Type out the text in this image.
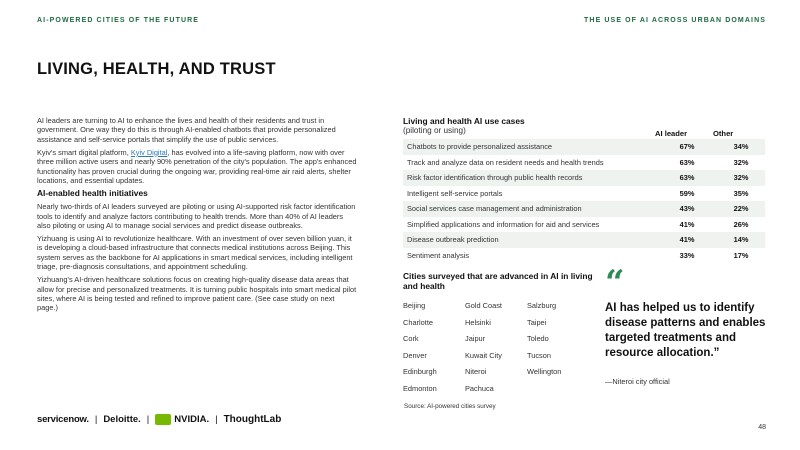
AI-POWERED CITIES OF THE FUTURE	THE USE OF AI ACROSS URBAN DOMAINS
LIVING, HEALTH, AND TRUST

AI leaders are turning to AI to enhance the lives and health of their residents and trust in government. One way they do this is through AI-enabled chatbots that provide personalized assistance and self-service portals that simplify the use of public services.

Kyiv's smart digital platform, Kyiv Digital, has evolved into a life-saving platform, now with over three million active users and nearly 90% penetration of the city's population. The app's enhanced functionality has proven crucial during the ongoing war, providing real-time air raid alerts, shelter locations, and essential updates.

AI-enabled health initiatives

Nearly two-thirds of AI leaders surveyed are piloting or using AI-supported risk factor identification tools to identify and analyze factors contributing to health trends. More than 40% of AI leaders also piloting or using AI to manage social services and predict disease outbreaks.

Yizhuang is using AI to revolutionize healthcare. With an investment of over seven billion yuan, it is developing a cloud-based infrastructure that connects medical institutions across Beijing. This system serves as the backbone for AI applications in smart medical services, including intelligent triage, pre-diagnosis consultations, and appointment scheduling.

Yizhuang's AI-driven healthcare solutions focus on creating high-quality disease data areas that allow for precise and personalized treatments. It is turning public hospitals into smart medical pilot sites, where AI is being tested and refined to improve patient care. (See case study on next page.)

Living and health AI use cases
(piloting or using)	AI leader	Other
Chatbots to provide personalized assistance	67%	34%
Track and analyze data on resident needs and health trends	63%	32%
Risk factor identification through public health records	63%	32%
Intelligent self-service portals	59%	35%
Social services case management and administration	43%	22%
Simplified applications and information for aid and services	41%	26%
Disease outbreak prediction	41%	14%
Sentiment analysis	33%	17%
Cities surveyed that are advanced in AI in living and health
Beijing	Gold Coast	Salzburg
Charlotte	Helsinki	Taipei
Cork	Jaipur	Toledo
Denver	Kuwait City	Tucson
Edinburgh	Niteroi	Wellington
Edmonton	Pachuca
Source: AI-powered cities survey
“
AI has helped us to identify disease patterns and enables targeted treatments and resource allocation.”
—Niteroi city official
servicenow. | Deloitte. |	NVIDIA. | ThoughtLab
48
